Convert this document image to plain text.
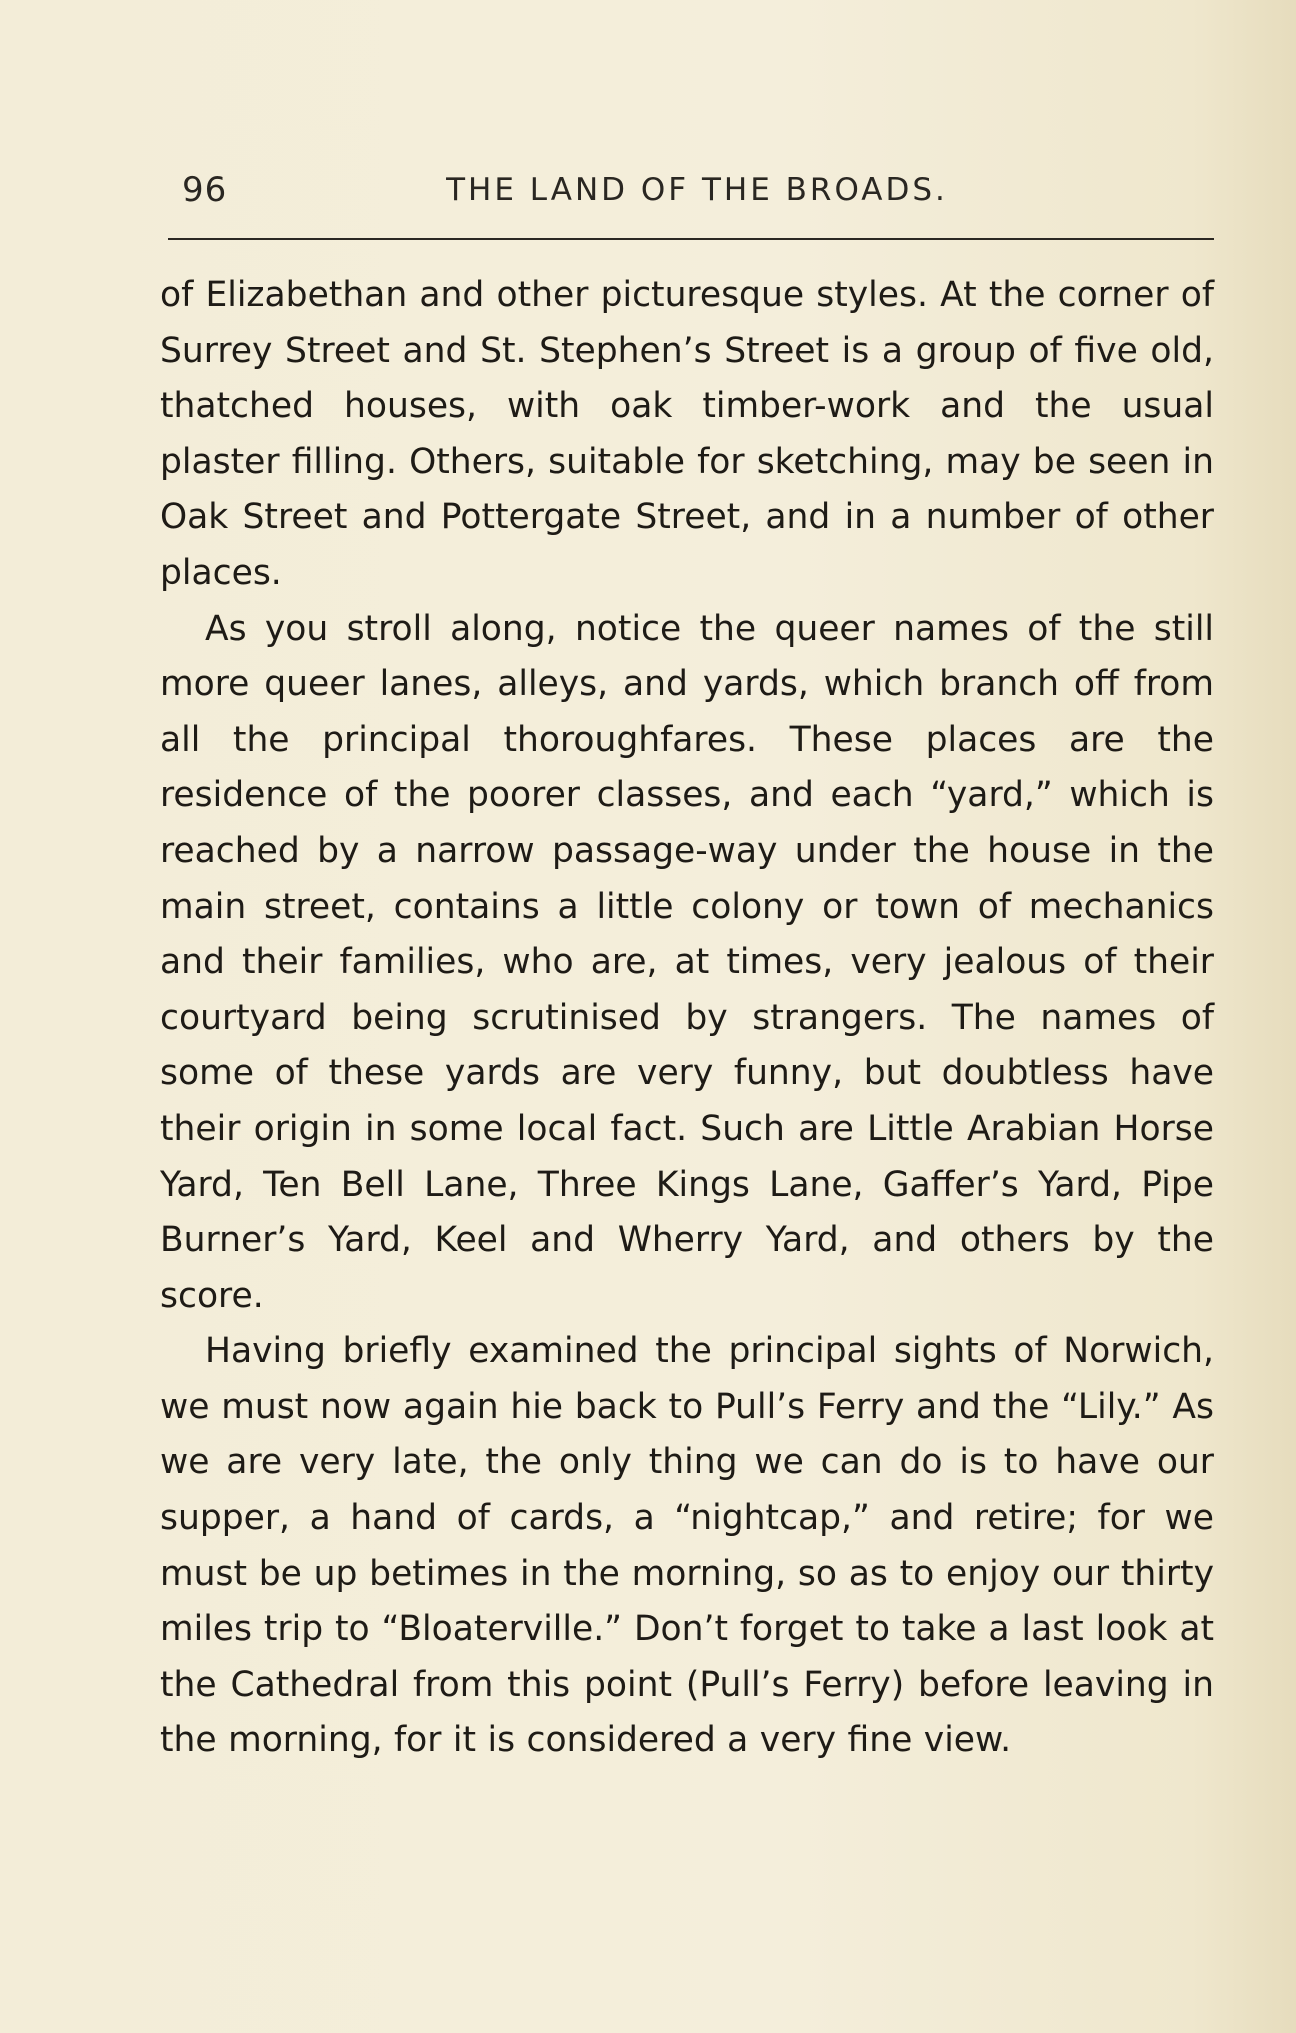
96	THE LAND OF THE BROADS.

of Elizabethan and other picturesque styles. At the corner of Surrey Street and St. Stephen’s Street is a group of five old, thatched houses, with oak timber-work and the usual plaster filling. Others, suitable for sketching, may be seen in Oak Street and Pottergate Street, and in a number of other places.

As you stroll along, notice the queer names of the still more queer lanes, alleys, and yards, which branch off from all the principal thoroughfares. These places are the residence of the poorer classes, and each “yard,” which is reached by a narrow passage-way under the house in the main street, contains a little colony or town of mechanics and their families, who are, at times, very jealous of their courtyard being scrutinised by strangers. The names of some of these yards are very funny, but doubtless have their origin in some local fact. Such are Little Arabian Horse Yard, Ten Bell Lane, Three Kings Lane, Gaffer’s Yard, Pipe Burner’s Yard, Keel and Wherry Yard, and others by the score.

Having briefly examined the principal sights of Norwich, we must now again hie back to Pull’s Ferry and the “Lily.” As we are very late, the only thing we can do is to have our supper, a hand of cards, a “nightcap,” and retire; for we must be up betimes in the morning, so as to enjoy our thirty miles trip to “Bloaterville.” Don’t forget to take a last look at the Cathedral from this point (Pull’s Ferry) before leaving in the morning, for it is considered a very fine view.
